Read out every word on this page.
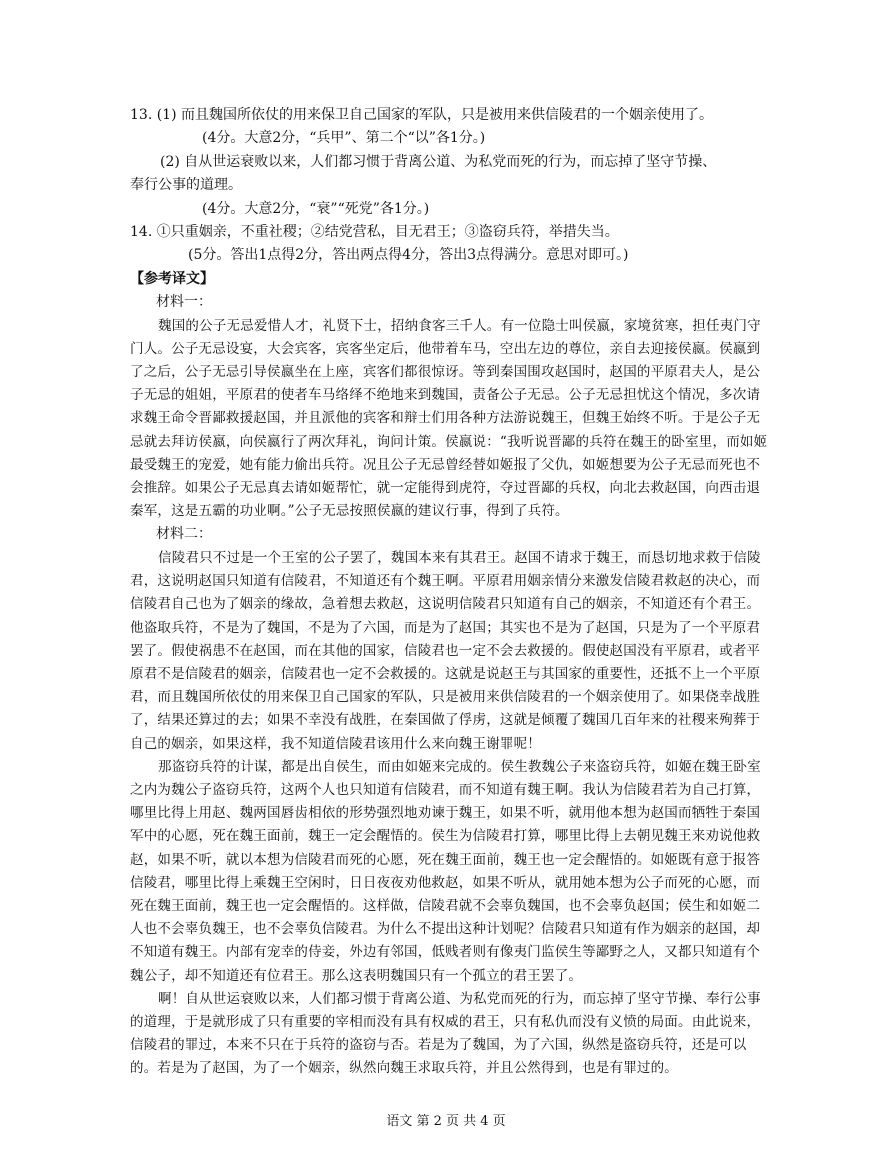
13. (1) 而且魏国所依仗的用来保卫自己国家的军队，只是被用来供信陵君的一个姻亲使用了。

(4分。大意2分，“兵甲”、第二个“以”各1分。)

(2) 自从世运衰败以来，人们都习惯于背离公道、为私党而死的行为，而忘掉了坚守节操、

奉行公事的道理。

(4分。大意2分，“衰”“死党”各1分。)

14. ①只重姻亲，不重社稷；②结党营私，目无君王；③盗窃兵符，举措失当。

(5分。答出1点得2分，答出两点得4分，答出3点得满分。意思对即可。)

【参考译文】

材料一：

魏国的公子无忌爱惜人才，礼贤下士，招纳食客三千人。有一位隐士叫侯嬴，家境贫寒，担任夷门守门人。公子无忌设宴，大会宾客，宾客坐定后，他带着车马，空出左边的尊位，亲自去迎接侯嬴。侯嬴到了之后，公子无忌引导侯嬴坐在上座，宾客们都很惊讶。等到秦国围攻赵国时，赵国的平原君夫人，是公子无忌的姐姐，平原君的使者车马络绎不绝地来到魏国，责备公子无忌。公子无忌担忧这个情况，多次请求魏王命令晋鄙救援赵国，并且派他的宾客和辩士们用各种方法游说魏王，但魏王始终不听。于是公子无忌就去拜访侯嬴，向侯嬴行了两次拜礼，询问计策。侯嬴说：“我听说晋鄙的兵符在魏王的卧室里，而如姬最受魏王的宠爱，她有能力偷出兵符。况且公子无忌曾经替如姬报了父仇，如姬想要为公子无忌而死也不会推辞。如果公子无忌真去请如姬帮忙，就一定能得到虎符，夺过晋鄙的兵权，向北去救赵国，向西击退秦军，这是五霸的功业啊。”公子无忌按照侯嬴的建议行事，得到了兵符。

材料二：

信陵君只不过是一个王室的公子罢了，魏国本来有其君王。赵国不请求于魏王，而恳切地求救于信陵君，这说明赵国只知道有信陵君，不知道还有个魏王啊。平原君用姻亲情分来激发信陵君救赵的决心，而信陵君自己也为了姻亲的缘故，急着想去救赵，这说明信陵君只知道有自己的姻亲，不知道还有个君王。他盗取兵符，不是为了魏国，不是为了六国，而是为了赵国；其实也不是为了赵国，只是为了一个平原君罢了。假使祸患不在赵国，而在其他的国家，信陵君也一定不会去救援的。假使赵国没有平原君，或者平原君不是信陵君的姻亲，信陵君也一定不会救援的。这就是说赵王与其国家的重要性，还抵不上一个平原君，而且魏国所依仗的用来保卫自己国家的军队，只是被用来供信陵君的一个姻亲使用了。如果侥幸战胜了，结果还算过的去；如果不幸没有战胜，在秦国做了俘虏，这就是倾覆了魏国几百年来的社稷来殉葬于自己的姻亲，如果这样，我不知道信陵君该用什么来向魏王谢罪呢！

那盗窃兵符的计谋，都是出自侯生，而由如姬来完成的。侯生教魏公子来盗窃兵符，如姬在魏王卧室之内为魏公子盗窃兵符，这两个人也只知道有信陵君，而不知道有魏王啊。我认为信陵君若为自己打算，哪里比得上用赵、魏两国唇齿相依的形势强烈地劝谏于魏王，如果不听，就用他本想为赵国而牺牲于秦国军中的心愿，死在魏王面前，魏王一定会醒悟的。侯生为信陵君打算，哪里比得上去朝见魏王来劝说他救赵，如果不听，就以本想为信陵君而死的心愿，死在魏王面前，魏王也一定会醒悟的。如姬既有意于报答信陵君，哪里比得上乘魏王空闲时，日日夜夜劝他救赵，如果不听从，就用她本想为公子而死的心愿，而死在魏王面前，魏王也一定会醒悟的。这样做，信陵君就不会辜负魏国，也不会辜负赵国；侯生和如姬二人也不会辜负魏王，也不会辜负信陵君。为什么不提出这种计划呢？信陵君只知道有作为姻亲的赵国，却不知道有魏王。内部有宠幸的侍妾，外边有邻国，低贱者则有像夷门监侯生等鄙野之人，又都只知道有个魏公子，却不知道还有位君王。那么这表明魏国只有一个孤立的君王罢了。

啊！自从世运衰败以来，人们都习惯于背离公道、为私党而死的行为，而忘掉了坚守节操、奉行公事的道理，于是就形成了只有重要的宰相而没有具有权威的君王，只有私仇而没有义愤的局面。由此说来，信陵君的罪过，本来不只在于兵符的盗窃与否。若是为了魏国，为了六国，纵然是盗窃兵符，还是可以的。若是为了赵国，为了一个姻亲，纵然向魏王求取兵符，并且公然得到，也是有罪过的。

语文 第 2 页 共 4 页
